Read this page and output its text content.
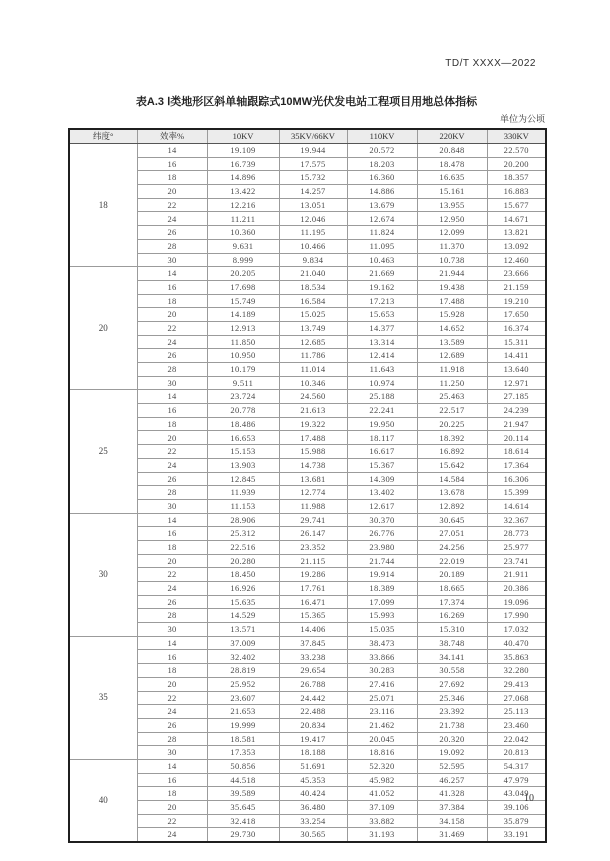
TD/T XXXX—2022
表A.3 Ⅰ类地形区斜单轴跟踪式10MW光伏发电站工程项目用地总体指标
单位为公顷
纬度°	效率%	10KV	35KV/66KV	110KV	220KV	330KV
18	14	19.109	19.944	20.572	20.848	22.570
	16	16.739	17.575	18.203	18.478	20.200
	18	14.896	15.732	16.360	16.635	18.357
	20	13.422	14.257	14.886	15.161	16.883
	22	12.216	13.051	13.679	13.955	15.677
	24	11.211	12.046	12.674	12.950	14.671
	26	10.360	11.195	11.824	12.099	13.821
	28	9.631	10.466	11.095	11.370	13.092
	30	8.999	9.834	10.463	10.738	12.460
20	14	20.205	21.040	21.669	21.944	23.666
	16	17.698	18.534	19.162	19.438	21.159
	18	15.749	16.584	17.213	17.488	19.210
	20	14.189	15.025	15.653	15.928	17.650
	22	12.913	13.749	14.377	14.652	16.374
	24	11.850	12.685	13.314	13.589	15.311
	26	10.950	11.786	12.414	12.689	14.411
	28	10.179	11.014	11.643	11.918	13.640
	30	9.511	10.346	10.974	11.250	12.971
25	14	23.724	24.560	25.188	25.463	27.185
	16	20.778	21.613	22.241	22.517	24.239
	18	18.486	19.322	19.950	20.225	21.947
	20	16.653	17.488	18.117	18.392	20.114
	22	15.153	15.988	16.617	16.892	18.614
	24	13.903	14.738	15.367	15.642	17.364
	26	12.845	13.681	14.309	14.584	16.306
	28	11.939	12.774	13.402	13.678	15.399
	30	11.153	11.988	12.617	12.892	14.614
30	14	28.906	29.741	30.370	30.645	32.367
	16	25.312	26.147	26.776	27.051	28.773
	18	22.516	23.352	23.980	24.256	25.977
	20	20.280	21.115	21.744	22.019	23.741
	22	18.450	19.286	19.914	20.189	21.911
	24	16.926	17.761	18.389	18.665	20.386
	26	15.635	16.471	17.099	17.374	19.096
	28	14.529	15.365	15.993	16.269	17.990
	30	13.571	14.406	15.035	15.310	17.032
35	14	37.009	37.845	38.473	38.748	40.470
	16	32.402	33.238	33.866	34.141	35.863
	18	28.819	29.654	30.283	30.558	32.280
	20	25.952	26.788	27.416	27.692	29.413
	22	23.607	24.442	25.071	25.346	27.068
	24	21.653	22.488	23.116	23.392	25.113
	26	19.999	20.834	21.462	21.738	23.460
	28	18.581	19.417	20.045	20.320	22.042
	30	17.353	18.188	18.816	19.092	20.813
40	14	50.856	51.691	52.320	52.595	54.317
	16	44.518	45.353	45.982	46.257	47.979
	18	39.589	40.424	41.052	41.328	43.049
	20	35.645	36.480	37.109	37.384	39.106
	22	32.418	33.254	33.882	34.158	35.879
	24	29.730	30.565	31.193	31.469	33.191
10
